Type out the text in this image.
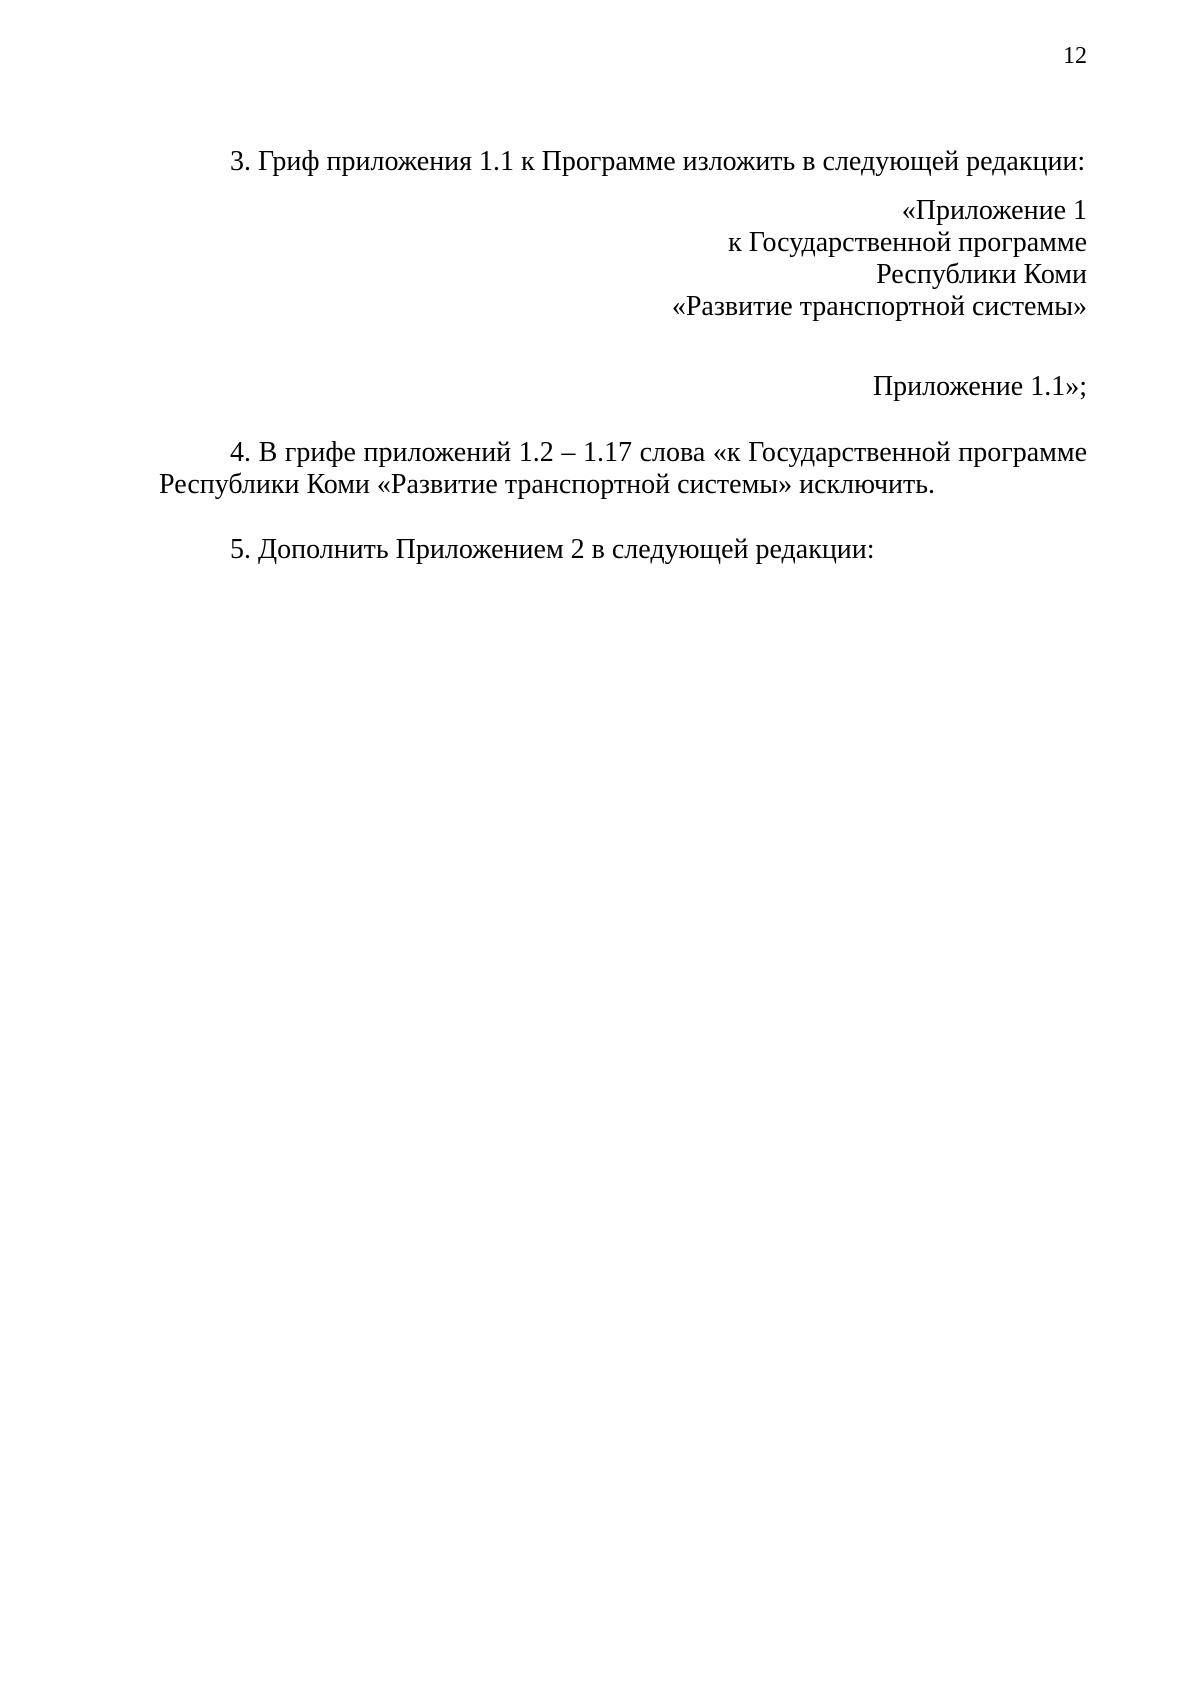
12
3. Гриф приложения 1.1 к Программе изложить в следующей редакции:
«Приложение 1
к Государственной программе
Республики Коми
«Развитие транспортной системы»
Приложение 1.1»;
4. В грифе приложений 1.2 – 1.17 слова «к Государственной программе Республики Коми «Развитие транспортной системы» исключить.
5. Дополнить Приложением 2 в следующей редакции:
